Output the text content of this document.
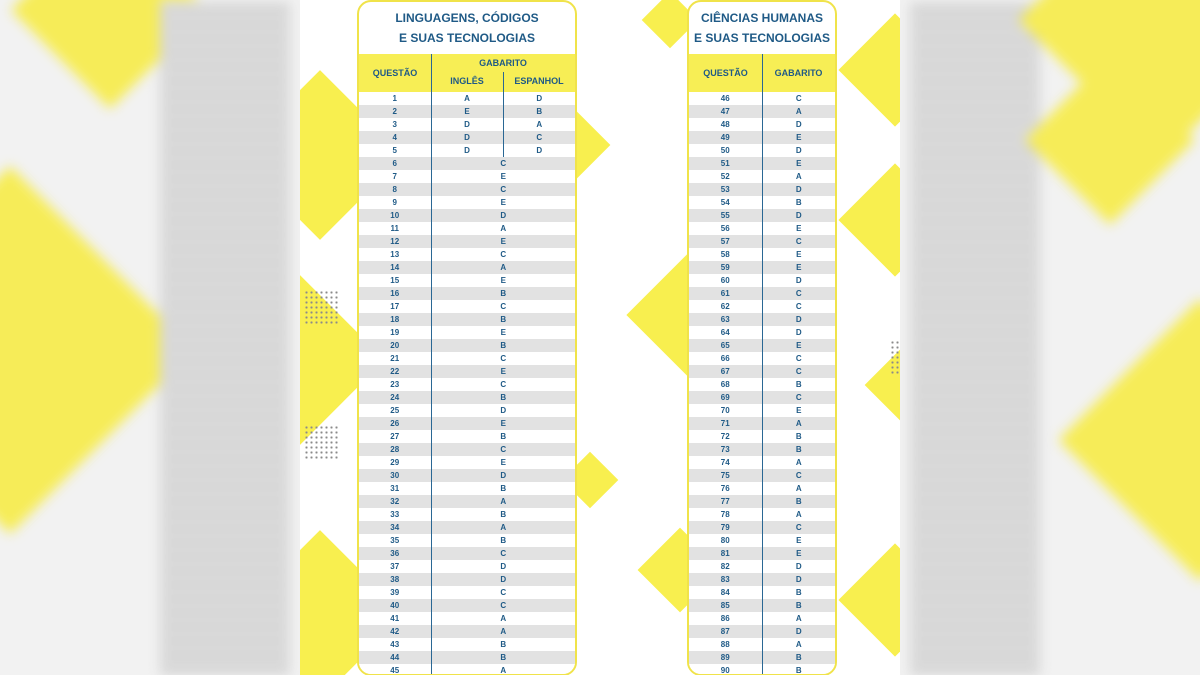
LINGUAGENS, CÓDIGOS
E SUAS TECNOLOGIAS
QUESTÃO
GABARITO
INGLÊS	ESPANHOL
1	A	D
2	E	B
3	D	A
4	D	C
5	D	D
6	C
7	E
8	C
9	E
10	D
11	A
12	E
13	C
14	A
15	E
16	B
17	C
18	B
19	E
20	B
21	C
22	E
23	C
24	B
25	D
26	E
27	B
28	C
29	E
30	D
31	B
32	A
33	B
34	A
35	B
36	C
37	D
38	D
39	C
40	C
41	A
42	A
43	B
44	B
45	A
CIÊNCIAS HUMANAS
E SUAS TECNOLOGIAS
QUESTÃO	GABARITO
46	C
47	A
48	D
49	E
50	D
51	E
52	A
53	D
54	B
55	D
56	E
57	C
58	E
59	E
60	D
61	C
62	C
63	D
64	D
65	E
66	C
67	C
68	B
69	C
70	E
71	A
72	B
73	B
74	A
75	C
76	A
77	B
78	A
79	C
80	E
81	E
82	D
83	D
84	B
85	B
86	A
87	D
88	A
89	B
90	B
